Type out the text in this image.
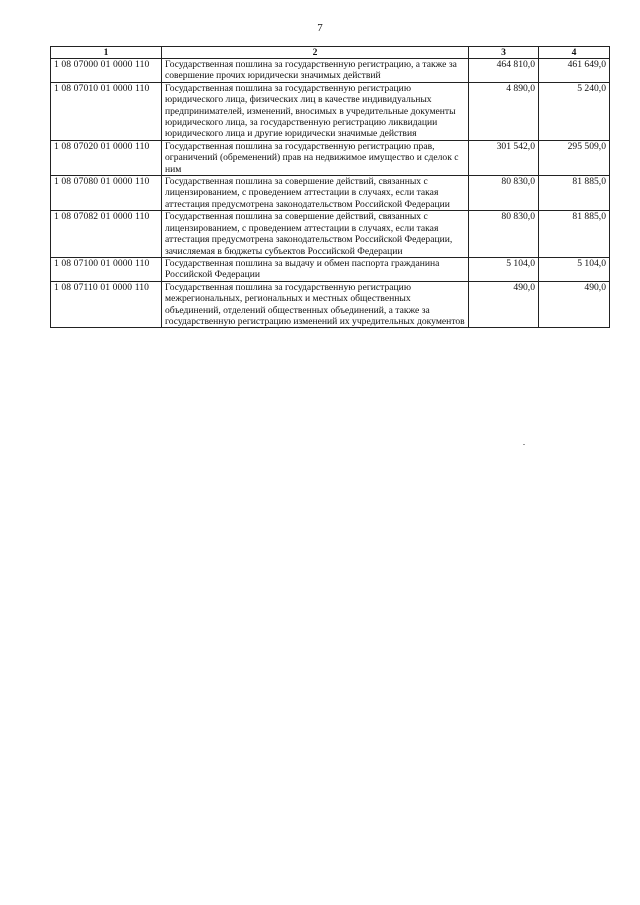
7
1	2	3	4
1 08 07000 01 0000 110	Государственная пошлина за государственную регистрацию, а также за совершение прочих юридически значимых действий	464 810,0	461 649,0
1 08 07010 01 0000 110	Государственная пошлина за государственную регистрацию юридического лица, физических лиц в качестве индивидуальных предпринимателей, изменений, вносимых в учредительные документы юридического лица, за государственную регистрацию ликвидации юридического лица и другие юридически значимые действия	4 890,0	5 240,0
1 08 07020 01 0000 110	Государственная пошлина за государственную регистрацию прав, ограничений (обременений) прав на недвижимое имущество и сделок с ним	301 542,0	295 509,0
1 08 07080 01 0000 110	Государственная пошлина за совершение действий, связанных с лицензированием, с проведением аттестации в случаях, если такая аттестация предусмотрена законодательством Российской Федерации	80 830,0	81 885,0
1 08 07082 01 0000 110	Государственная пошлина за совершение действий, связанных с лицензированием, с проведением аттестации в случаях, если такая аттестация предусмотрена законодательством Российской Федерации, зачисляемая в бюджеты субъектов Российской Федерации	80 830,0	81 885,0
1 08 07100 01 0000 110	Государственная пошлина за выдачу и обмен паспорта гражданина Российской Федерации	5 104,0	5 104,0
1 08 07110 01 0000 110	Государственная пошлина за государственную регистрацию межрегиональных, региональных и местных общественных объединений, отделений общественных объединений, а также за государственную регистрацию изменений их учредительных документов	490,0	490,0
